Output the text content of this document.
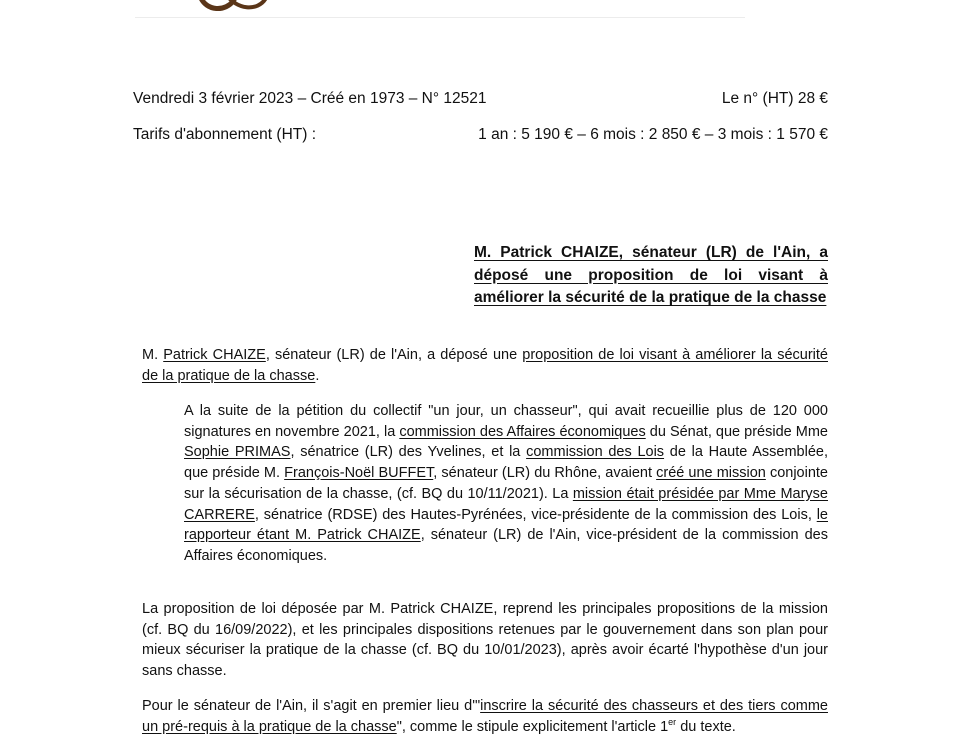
Vendredi 3 février 2023 – Créé en 1973 – N° 12521	Le n° (HT) 28 €
Tarifs d'abonnement (HT) :	1 an : 5 190 € – 6 mois : 2 850 € – 3 mois : 1 570 €
M. Patrick CHAIZE, sénateur (LR) de l'Ain, a déposé une proposition de loi visant à améliorer la sécurité de la pratique de la chasse

M. Patrick CHAIZE, sénateur (LR) de l'Ain, a déposé une proposition de loi visant à améliorer la sécurité de la pratique de la chasse.

A la suite de la pétition du collectif "un jour, un chasseur", qui avait recueillie plus de 120 000 signatures en novembre 2021, la commission des Affaires économiques du Sénat, que préside Mme Sophie PRIMAS, sénatrice (LR) des Yvelines, et la commission des Lois de la Haute Assemblée, que préside M. François-Noël BUFFET, sénateur (LR) du Rhône, avaient créé une mission conjointe sur la sécurisation de la chasse, (cf. BQ du 10/11/2021). La mission était présidée par Mme Maryse CARRERE, sénatrice (RDSE) des Hautes-Pyrénées, vice-présidente de la commission des Lois, le rapporteur étant M. Patrick CHAIZE, sénateur (LR) de l'Ain, vice-président de la commission des Affaires économiques.

La proposition de loi déposée par M. Patrick CHAIZE, reprend les principales propositions de la mission (cf. BQ du 16/09/2022), et les principales dispositions retenues par le gouvernement dans son plan pour mieux sécuriser la pratique de la chasse (cf. BQ du 10/01/2023), après avoir écarté l'hypothèse d'un jour sans chasse.

Pour le sénateur de l'Ain, il s'agit en premier lieu d'"inscrire la sécurité des chasseurs et des tiers comme un pré-requis à la pratique de la chasse", comme le stipule explicitement l'article 1er du texte.
